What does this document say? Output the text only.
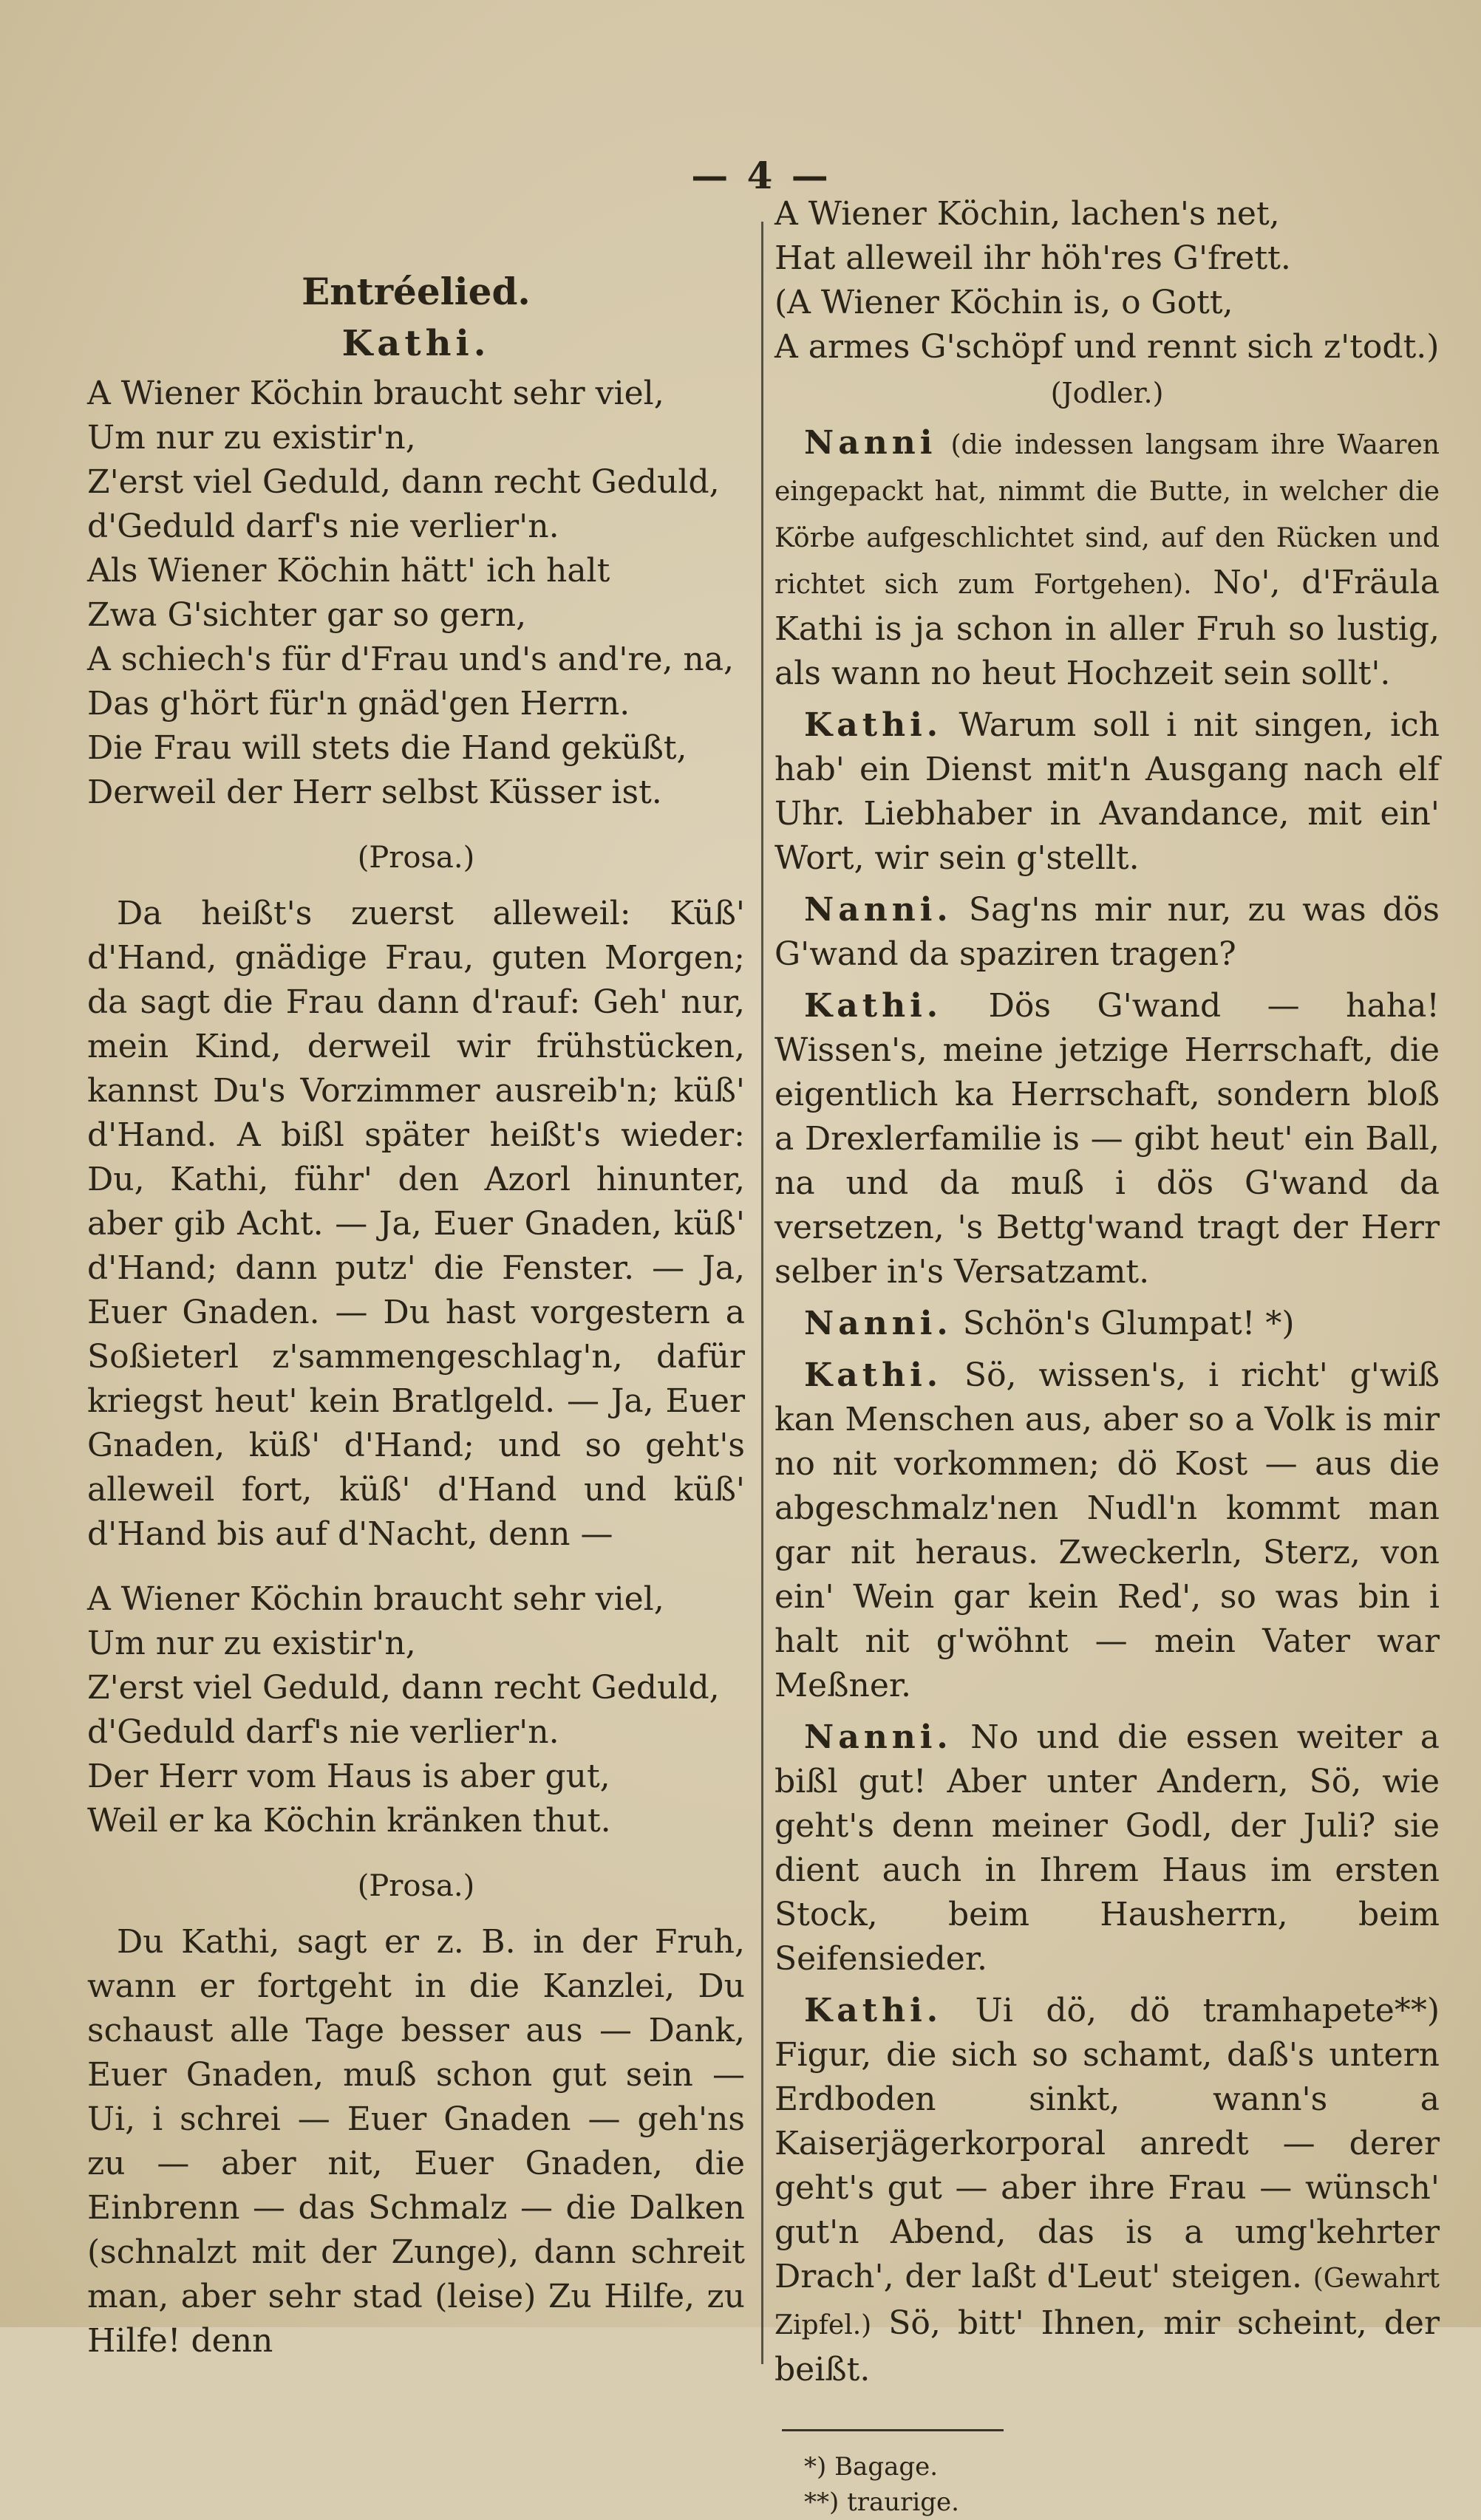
— 4 —
Entréelied.
Kathi.
A Wiener Köchin braucht sehr viel,
Um nur zu existir'n,
Z'erst viel Geduld, dann recht Geduld,
d'Geduld darf's nie verlier'n.
Als Wiener Köchin hätt' ich halt
Zwa G'sichter gar so gern,
A schiech's für d'Frau und's and're, na,
Das g'hört für'n gnäd'gen Herrn.
Die Frau will stets die Hand geküßt,
Derweil der Herr selbst Küsser ist.
(Prosa.)

Da heißt's zuerst alleweil: Küß' d'Hand, gnädige Frau, guten Morgen; da sagt die Frau dann d'rauf: Geh' nur, mein Kind, derweil wir frühstücken, kannst Du's Vorzimmer ausreib'n; küß' d'Hand. A bißl später heißt's wieder: Du, Kathi, führ' den Azorl hinunter, aber gib Acht. — Ja, Euer Gnaden, küß' d'Hand; dann putz' die Fenster. — Ja, Euer Gnaden. — Du hast vorgestern a Soßieterl z'sammengeschlag'n, dafür kriegst heut' kein Bratlgeld. — Ja, Euer Gnaden, küß' d'Hand; und so geht's alleweil fort, küß' d'Hand und küß' d'Hand bis auf d'Nacht, denn —

A Wiener Köchin braucht sehr viel,
Um nur zu existir'n,
Z'erst viel Geduld, dann recht Geduld,
d'Geduld darf's nie verlier'n.
Der Herr vom Haus is aber gut,
Weil er ka Köchin kränken thut.
(Prosa.)

Du Kathi, sagt er z. B. in der Fruh, wann er fortgeht in die Kanzlei, Du schaust alle Tage besser aus — Dank, Euer Gnaden, muß schon gut sein — Ui, i schrei — Euer Gnaden — geh'ns zu — aber nit, Euer Gnaden, die Einbrenn — das Schmalz — die Dalken (schnalzt mit der Zunge), dann schreit man, aber sehr stad (leise) Zu Hilfe, zu Hilfe! denn

A Wiener Köchin, lachen's net,
Hat alleweil ihr höh'res G'frett.
(A Wiener Köchin is, o Gott,
A armes G'schöpf und rennt sich z'todt.)
(Jodler.)

Nanni (die indessen langsam ihre Waaren eingepackt hat, nimmt die Butte, in welcher die Körbe aufgeschlichtet sind, auf den Rücken und richtet sich zum Fortgehen). No', d'Fräula Kathi is ja schon in aller Fruh so lustig, als wann no heut Hochzeit sein sollt'.

Kathi. Warum soll i nit singen, ich hab' ein Dienst mit'n Ausgang nach elf Uhr. Liebhaber in Avandance, mit ein' Wort, wir sein g'stellt.

Nanni. Sag'ns mir nur, zu was dös G'wand da spaziren tragen?

Kathi. Dös G'wand — haha! Wissen's, meine jetzige Herrschaft, die eigentlich ka Herrschaft, sondern bloß a Drexlerfamilie is — gibt heut' ein Ball, na und da muß i dös G'wand da versetzen, 's Bettg'wand tragt der Herr selber in's Versatzamt.

Nanni. Schön's Glumpat! *)

Kathi. Sö, wissen's, i richt' g'wiß kan Menschen aus, aber so a Volk is mir no nit vorkommen; dö Kost — aus die abgeschmalz'nen Nudl'n kommt man gar nit heraus. Zweckerln, Sterz, von ein' Wein gar kein Red', so was bin i halt nit g'wöhnt — mein Vater war Meßner.

Nanni. No und die essen weiter a bißl gut! Aber unter Andern, Sö, wie geht's denn meiner Godl, der Juli? sie dient auch in Ihrem Haus im ersten Stock, beim Hausherrn, beim Seifensieder.

Kathi. Ui dö, dö tramhapete**) Figur, die sich so schamt, daß's untern Erdboden sinkt, wann's a Kaiserjägerkorporal anredt — derer geht's gut — aber ihre Frau — wünsch' gut'n Abend, das is a umg'kehrter Drach', der laßt d'Leut' steigen. (Gewahrt Zipfel.) Sö, bitt' Ihnen, mir scheint, der beißt.

*) Bagage.
**) traurige.
